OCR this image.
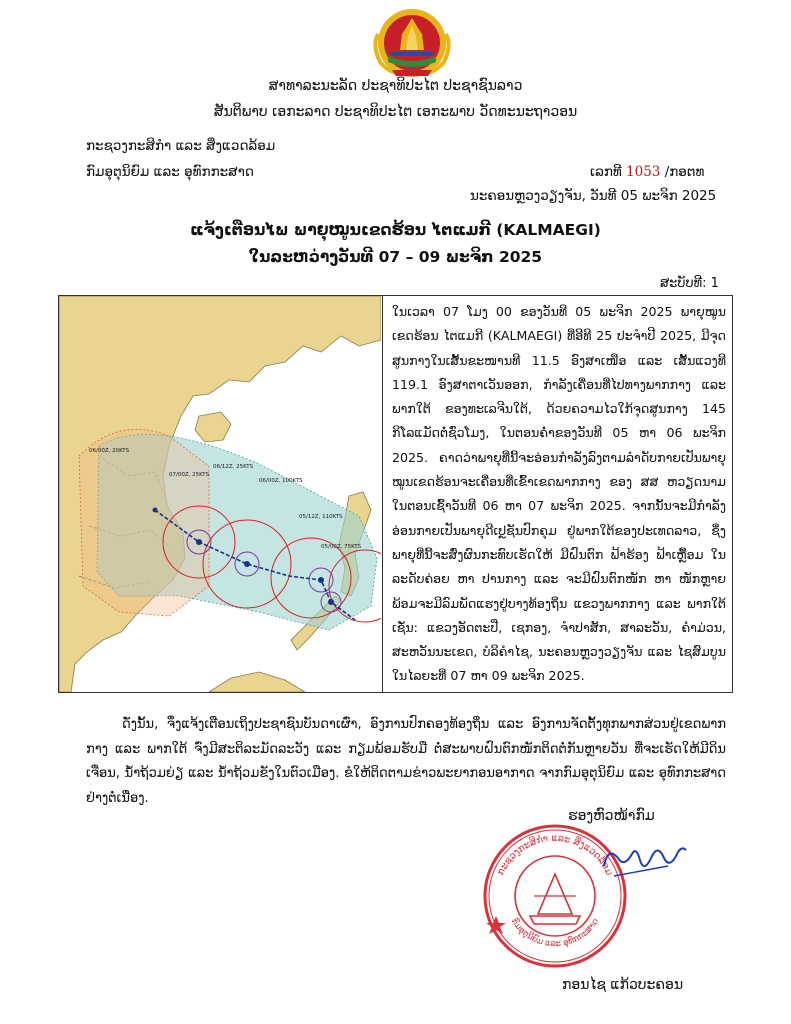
ສາທາລະນະລັດ ປະຊາທິປະໄຕ ປະຊາຊົນລາວ
ສັນຕິພາບ ເອກະລາດ ປະຊາທິປະໄຕ ເອກະພາບ ວັດທະນະຖາວອນ
ກະຊວງກະສິກຳ ແລະ ສິ່ງແວດລ້ອມ
ກົມອຸຕຸນິຍົມ ແລະ ອຸທົກກະສາດ	ເລກທີ 1053 /ກອຕທ
ນະຄອນຫຼວງວຽງຈັນ, ວັນທີ 05 ພະຈິກ 2025
ແຈ້ງເຕືອນໄພ ພາຍຸໝູນເຂດຮ້ອນ ໄຕແມກີ (KALMAEGI)
ໃນລະຫວ່າງວັນທີ 07 – 09 ພະຈິກ 2025
ສະບັບທີ: 1
06/00Z, 20KTS
07/00Z, 25KTS
06/12Z, 25KTS
06/00Z, 100KTS
05/12Z, 110KTS
05/00Z, 75KTS
ໃນເວລາ 07 ໂມງ 00 ຂອງວັນທີ 05 ພະຈິກ 2025 ພາຍຸໝູນເຂດຮ້ອນ ໄຕແມກີ (KALMAEGI) ທີ່ອີທີ 25 ປະຈຳປີ 2025, ມີຈຸດສູນກາງໃນເສັ້ນຂະໜານທີ 11.5 ອົງສາເໜືອ ແລະ ເສັ້ນແວງທີ 119.1 ອົງສາຕາເວັນອອກ, ກຳລັງເຄື່ອນທີ່ໄປທາງພາກກາງ ແລະ ພາກໃຕ້ ຂອງທະເລຈີນໃຕ້, ດ້ວຍຄວາມໄວໃກ້ຈຸດສູນກາງ 145 ກິໂລແມັດຕໍ່ຊົ່ວໂມງ, ໃນຕອນຄ່ຳຂອງວັນທີ 05 ຫາ 06 ພະຈິກ 2025. ຄາດວ່າພາຍຸທີ່ນີ້ຈະອ່ອນກຳລັງລົງຕາມລຳດັບກາຍເປັນພາຍຸໝູນເຂດຮ້ອນຈະເຄື່ອນທີ່ເຂົ້າເຂດພາກກາງ ຂອງ ສສ ຫວຽດນາມໃນຕອນເຊົ້າວັນທີ 06 ຫາ 07 ພະຈິກ 2025. ຈາກນັ້ນຈະມີກຳລັງອ່ອນກາຍເປັນພາຍຸດີເປຼຊັນປົກຄຸມ ຢູ່ພາກໃຕ້ຂອງປະເທດລາວ, ຊຶ່ງພາຍຸທີ່ນີ້ຈະສົ່ງຜົນກະທົບເຮັດໃຫ້ ມີຝົນຕົກ ຟ້າຮ້ອງ ຟ້າເຫຼື້ອມ ໃນລະດັບຄ່ອຍ ຫາ ປານກາງ ແລະ ຈະມີຝົນຕົກໜັກ ຫາ ໜັກຫຼາຍ ພ້ອມຈະມີລົມພັດແຮງຢູ່ບາງທ້ອງຖິ່ນ ແຂວງພາກກາງ ແລະ ພາກໃຕ້ ເຊັ່ນ: ແຂວງອັດຕະປື, ເຊກອງ, ຈຳປາສັກ, ສາລະວັນ, ຄຳມ່ວນ, ສະຫວັນນະເຂດ, ບໍລິຄຳໄຊ, ນະຄອນຫຼວງວຽງຈັນ ແລະ ໄຊສົມບູນ ໃນໄລຍະທີ່ 07 ຫາ 09 ພະຈິກ 2025.
ດັ່ງນັ້ນ, ຈຶ່ງແຈ້ງເຕືອນເຖິງປະຊາຊົນບັນດາເຜົ່າ, ອົງການປົກຄອງທ້ອງຖິ່ນ ແລະ ອົງການຈັດຕັ້ງທຸກພາກສ່ວນຢູ່ເຂດພາກກາງ ແລະ ພາກໃຕ້ ຈົ່ງມີສະຕິລະມັດລະວັງ ແລະ ກຽມພ້ອມຮັບມື ຕໍ່ສະພາບຝົນຕົກໜັກຕິດຕໍ່ກັນຫຼາຍວັນ ທີ່ຈະເຮັດໃຫ້ມີດິນເຈື່ອນ, ນ້ຳຖ້ວມຍ່ຽ ແລະ ນ້ຳຖ້ວມຂັງໃນຕົວເມືອງ. ຂໍໃຫ້ຕິດຕາມຂ່າວພະຍາກອນອາກາດ ຈາກກົມອຸຕຸນິຍົມ ແລະ ອຸທົກກະສາດ ຢ່າງຕໍ່ເນື່ອງ.
ຮອງຫົວໜ້າກົມ
ກະຊວງກະສິກຳ ແລະ ສິ່ງແວດລ້ອມ
ກົມອຸຕຸນິຍົມ ແລະ ອຸທົກກະສາດ
ກອນໄຊ ແກ້ວບະຄອນ
